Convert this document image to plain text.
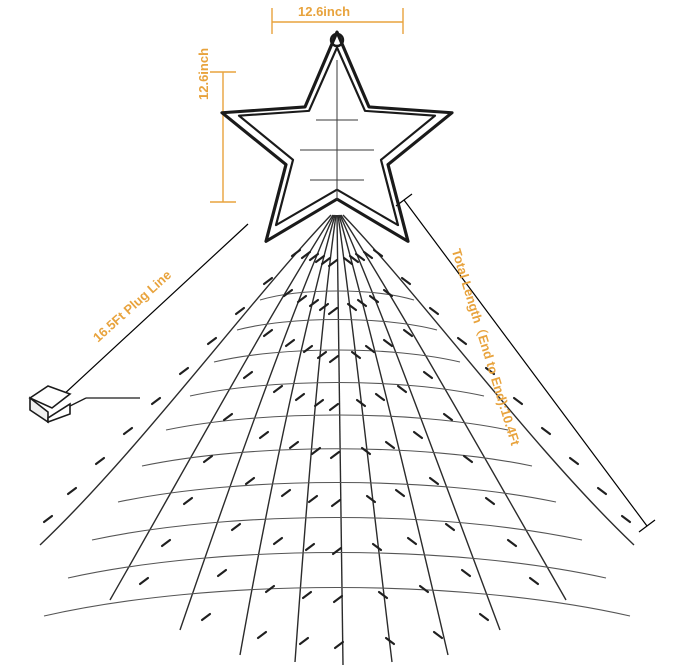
12.6inch
12.6inch
16.5Ft Plug Line	Total Length（End to End):10.4Ft
